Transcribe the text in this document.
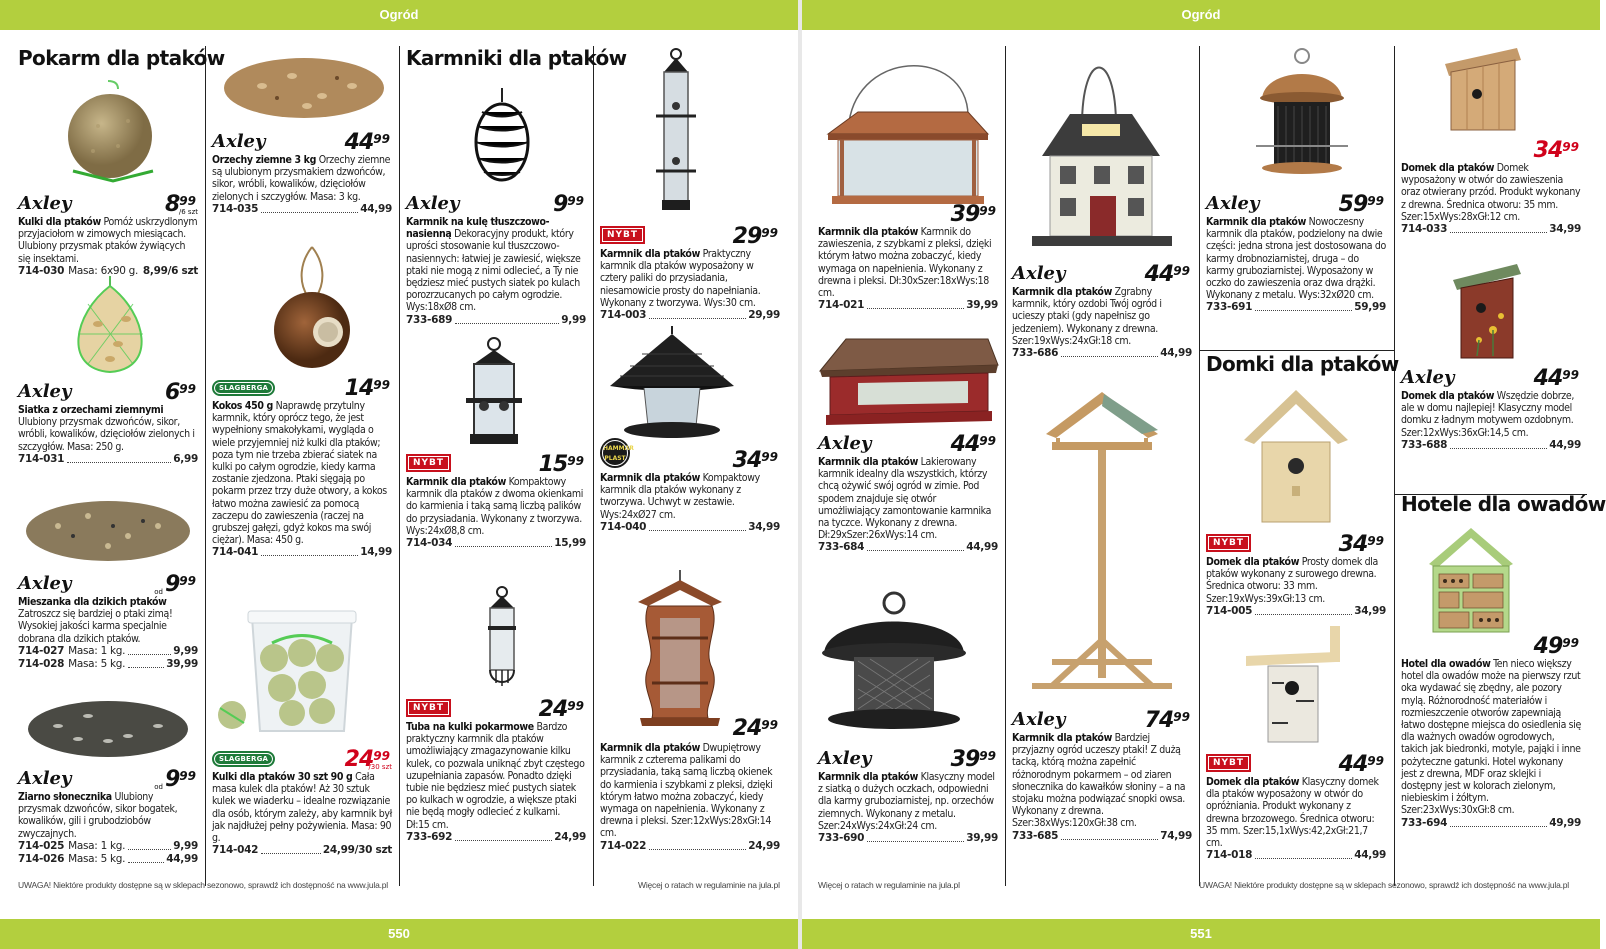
Ogród	Ogród
550	551
Pokarm dla ptaków
Axley	$8^{99}$
/6 szt
Kulki dla ptaków Pomóż uskrzydlonym przyjaciołom w zimowych miesiącach. Ulubiony przysmak ptaków żywiących się insektami.
714-030 Masa: 6x90 g. 8,99/6 szt
Axley	$6^{99}$
Siatka z orzechami ziemnymi
Ulubiony przysmak dzwońców, sikor, wróbli, kowalików, dzięciołów zielonych i szczygłów. Masa: 250 g.
714-031	6,99
Axley	$od9^{99}$
Mieszanka dla dzikich ptaków
Zatroszcz się bardziej o ptaki zimą! Wysokiej jakości karma specjalnie dobrana dla dzikich ptaków.
714-027 Masa: 1 kg.	9,99
714-028 Masa: 5 kg.	39,99
Axley	$od9^{99}$
Ziarno słonecznika Ulubiony przysmak dzwońców, sikor bogatek, kowalików, gili i grubodziobów zwyczajnych.
714-025 Masa: 1 kg.	9,99
714-026 Masa: 5 kg.	44,99
Axley	$44^{99}$
Orzechy ziemne 3 kg Orzechy ziemne są ulubionym przysmakiem dzwońców, sikor, wróbli, kowalików, dzięciołów zielonych i szczygłów. Masa: 3 kg.
714-035	44,99
SLAGBERGA	$14^{99}$
Kokos 450 g Naprawdę przytulny karmnik, który oprócz tego, że jest wypełniony smakołykami, wygląda o wiele przyjemniej niż kulki dla ptaków; poza tym nie trzeba zbierać siatek na kulki po całym ogrodzie, kiedy karma zostanie zjedzona. Ptaki sięgają po pokarm przez trzy duże otwory, a kokos łatwo można zawiesić za pomocą zaczepu do zawieszenia (raczej na grubszej gałęzi, gdyż kokos ma swój ciężar). Masa: 450 g.
714-041	14,99
SLAGBERGA	$24^{99}$
/30 szt
Kulki dla ptaków 30 szt 90 g Cała masa kulek dla ptaków! Aż 30 sztuk kulek we wiaderku – idealne rozwiązanie dla osób, którym zależy, aby karmnik był jak najdłużej pełny pożywienia. Masa: 90 g.
714-042	24,99/30 szt
Karmniki dla ptaków
Axley	$9^{99}$
Karmnik na kulę tłuszczowo-nasienną Dekoracyjny produkt, który uprości stosowanie kul tłuszczowo-nasiennych: łatwiej je zawiesić, większe ptaki nie mogą z nimi odlecieć, a Ty nie będziesz mieć pustych siatek po kulach porozrzucanych po całym ogrodzie. Wys:18xØ8 cm.
733-689	9,99
NYBT	$15^{99}$
Karmnik dla ptaków Kompaktowy karmnik dla ptaków z dwoma okienkami do karmienia i taką samą liczbą palików do przysiadania. Wykonany z tworzywa. Wys:24xØ8,8 cm.
714-034	15,99
NYBT	$24^{99}$
Tuba na kulki pokarmowe Bardzo praktyczny karmnik dla ptaków umożliwiający zmagazynowanie kilku kulek, co pozwala uniknąć zbyt częstego uzupełniania zapasów. Ponadto dzięki tubie nie będziesz mieć pustych siatek po kulkach w ogrodzie, a większe ptaki nie będą mogły odlecieć z kulkami. Dł:15 cm.
733-692	24,99
NYBT	$29^{99}$
Karmnik dla ptaków Praktyczny karmnik dla ptaków wyposażony w cztery paliki do przysiadania, niesamowicie prosty do napełniania. Wykonany z tworzywa. Wys:30 cm.
714-003	29,99
HAMMAR PLAST	$34^{99}$
Karmnik dla ptaków Kompaktowy karmnik dla ptaków wykonany z tworzywa. Uchwyt w zestawie. Wys:24xØ27 cm.
714-040	34,99
$24^{99}$
Karmnik dla ptaków Dwupiętrowy karmnik z czterema palikami do przysiadania, taką samą liczbą okienek do karmienia i szybkami z pleksi, dzięki którym łatwo można zobaczyć, kiedy wymaga on napełnienia. Wykonany z drewna i pleksi. Szer:12xWys:28xGł:14 cm.
714-022	24,99
$39^{99}$
Karmnik dla ptaków Karmnik do zawieszenia, z szybkami z pleksi, dzięki którym łatwo można zobaczyć, kiedy wymaga on napełnienia. Wykonany z drewna i pleksi. Dł:30xSzer:18xWys:18 cm.
714-021	39,99
Axley	$44^{99}$
Karmnik dla ptaków Lakierowany karmnik idealny dla wszystkich, którzy chcą ożywić swój ogród w zimie. Pod spodem znajduje się otwór umożliwiający zamontowanie karmnika na tyczce. Wykonany z drewna. Dł:29xSzer:26xWys:14 cm.
733-684	44,99
Axley	$39^{99}$
Karmnik dla ptaków Klasyczny model z siatką o dużych oczkach, odpowiedni dla karmy gruboziarnistej, np. orzechów ziemnych. Wykonany z metalu. Szer:24xWys:24xGł:24 cm.
733-690	39,99
Axley	$44^{99}$
Karmnik dla ptaków Zgrabny karmnik, który ozdobi Twój ogród i ucieszy ptaki (gdy napełnisz go jedzeniem). Wykonany z drewna. Szer:19xWys:24xGł:18 cm.
733-686	44,99
Axley	$74^{99}$
Karmnik dla ptaków Bardziej przyjazny ogród uczeszy ptaki! Z dużą tacką, którą można zapełnić różnorodnym pokarmem – od ziaren słonecznika do kawałków słoniny – a na stojaku można podwiązać snopki owsa. Wykonany z drewna. Szer:38xWys:120xGł:38 cm.
733-685	74,99
Axley	$59^{99}$
Karmnik dla ptaków Nowoczesny karmnik dla ptaków, podzielony na dwie części: jedna strona jest dostosowana do karmy drobnoziarnistej, druga – do karmy gruboziarnistej. Wyposażony w oczko do zawieszenia oraz dwa drążki. Wykonany z metalu. Wys:32xØ20 cm.
733-691	59,99
Domki dla ptaków
NYBT	$34^{99}$
Domek dla ptaków Prosty domek dla ptaków wykonany z surowego drewna. Średnica otworu: 33 mm. Szer:19xWys:39xGł:13 cm.
714-005	34,99
NYBT	$44^{99}$
Domek dla ptaków Klasyczny domek dla ptaków wyposażony w otwór do opróżniania. Produkt wykonany z drewna brzozowego. Średnica otworu: 35 mm. Szer:15,1xWys:42,2xGł:21,7 cm.
714-018	44,99
$34^{99}$
Domek dla ptaków Domek wyposażony w otwór do zawieszenia oraz otwierany przód. Produkt wykonany z drewna. Średnica otworu: 35 mm. Szer:15xWys:28xGł:12 cm.
714-033	34,99
Axley	$44^{99}$
Domek dla ptaków Wszędzie dobrze, ale w domu najlepiej! Klasyczny model domku z ładnym motywem ozdobnym. Szer:12xWys:36xGł:14,5 cm.
733-688	44,99
Hotele dla owadów
$49^{99}$
Hotel dla owadów Ten nieco większy hotel dla owadów może na pierwszy rzut oka wydawać się zbędny, ale pozory mylą. Różnorodność materiałów i rozmieszczenie otworów zapewniają łatwo dostępne miejsca do osiedlenia się dla ważnych owadów ogrodowych, takich jak biedronki, motyle, pająki i inne pożyteczne gatunki. Hotel wykonany jest z drewna, MDF oraz sklejki i dostępny jest w kolorach zielonym, niebieskim i żółtym. Szer:23xWys:30xGł:8 cm.
733-694	49,99
UWAGA! Niektóre produkty dostępne są w sklepach sezonowo, sprawdź ich dostępność na www.jula.pl	Więcej o ratach w regulaminie na jula.pl	Więcej o ratach w regulaminie na jula.pl	UWAGA! Niektóre produkty dostępne są w sklepach sezonowo, sprawdź ich dostępność na www.jula.pl
